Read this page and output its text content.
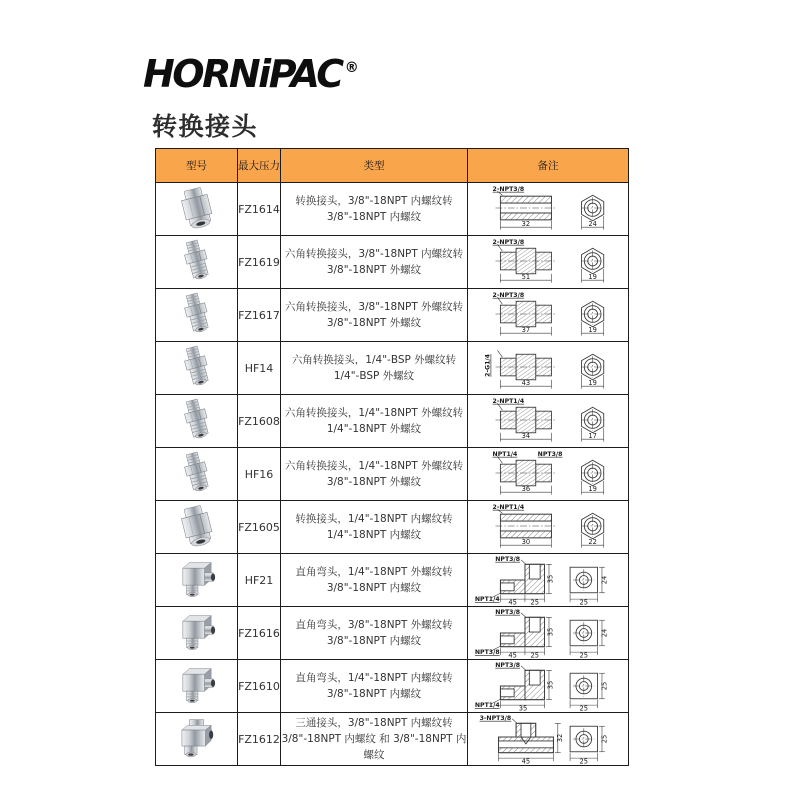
HORNiPAC ®
转换接头
型号	最大压力	类型	备注

	FZ1614	转换接头，3/8"-18NPT 内螺纹转 3/8"-18NPT 内螺纹	2-NPT3/8
32 24

	FZ1619	六角转换接头，3/8"-18NPT 内螺纹转 3/8"-18NPT 外螺纹	2-NPT3/8
51 19

	FZ1617	六角转换接头，3/8"-18NPT 外螺纹转 3/8"-18NPT 外螺纹	2-NPT3/8
37 19

	HF14	六角转换接头，1/4"-BSP 外螺纹转 1/4"-BSP 外螺纹	2-G1/4
43 19

	FZ1608	六角转换接头，1/4"-18NPT 外螺纹转 1/4"-18NPT 外螺纹	2-NPT1/4
34 17

	HF16	六角转换接头，1/4"-18NPT 外螺纹转 3/8"-18NPT 外螺纹	NPT1/4 NPT3/8
36 19

	FZ1605	转换接头，1/4"-18NPT 内螺纹转 1/4"-18NPT 内螺纹	2-NPT1/4
30 22

	HF21	直角弯头，1/4"-18NPT 外螺纹转 3/8"-18NPT 内螺纹	
NPT3/8
NPT1/4 45 25
35
25
24

	FZ1616	直角弯头，3/8"-18NPT 外螺纹转 3/8"-18NPT 内螺纹	
NPT3/8
NPT3/8 45 25
35
25
24

	FZ1610	直角弯头，1/4"-18NPT 内螺纹转 3/8"-18NPT 内螺纹	
NPT3/8
NPT1/4	35
35
25
25

	FZ1612	三通接头，3/8"-18NPT 内螺纹转 3/8"-18NPT 内螺纹 和 3/8"-18NPT 内螺纹	3-NPT3/8
45
32
25
25
